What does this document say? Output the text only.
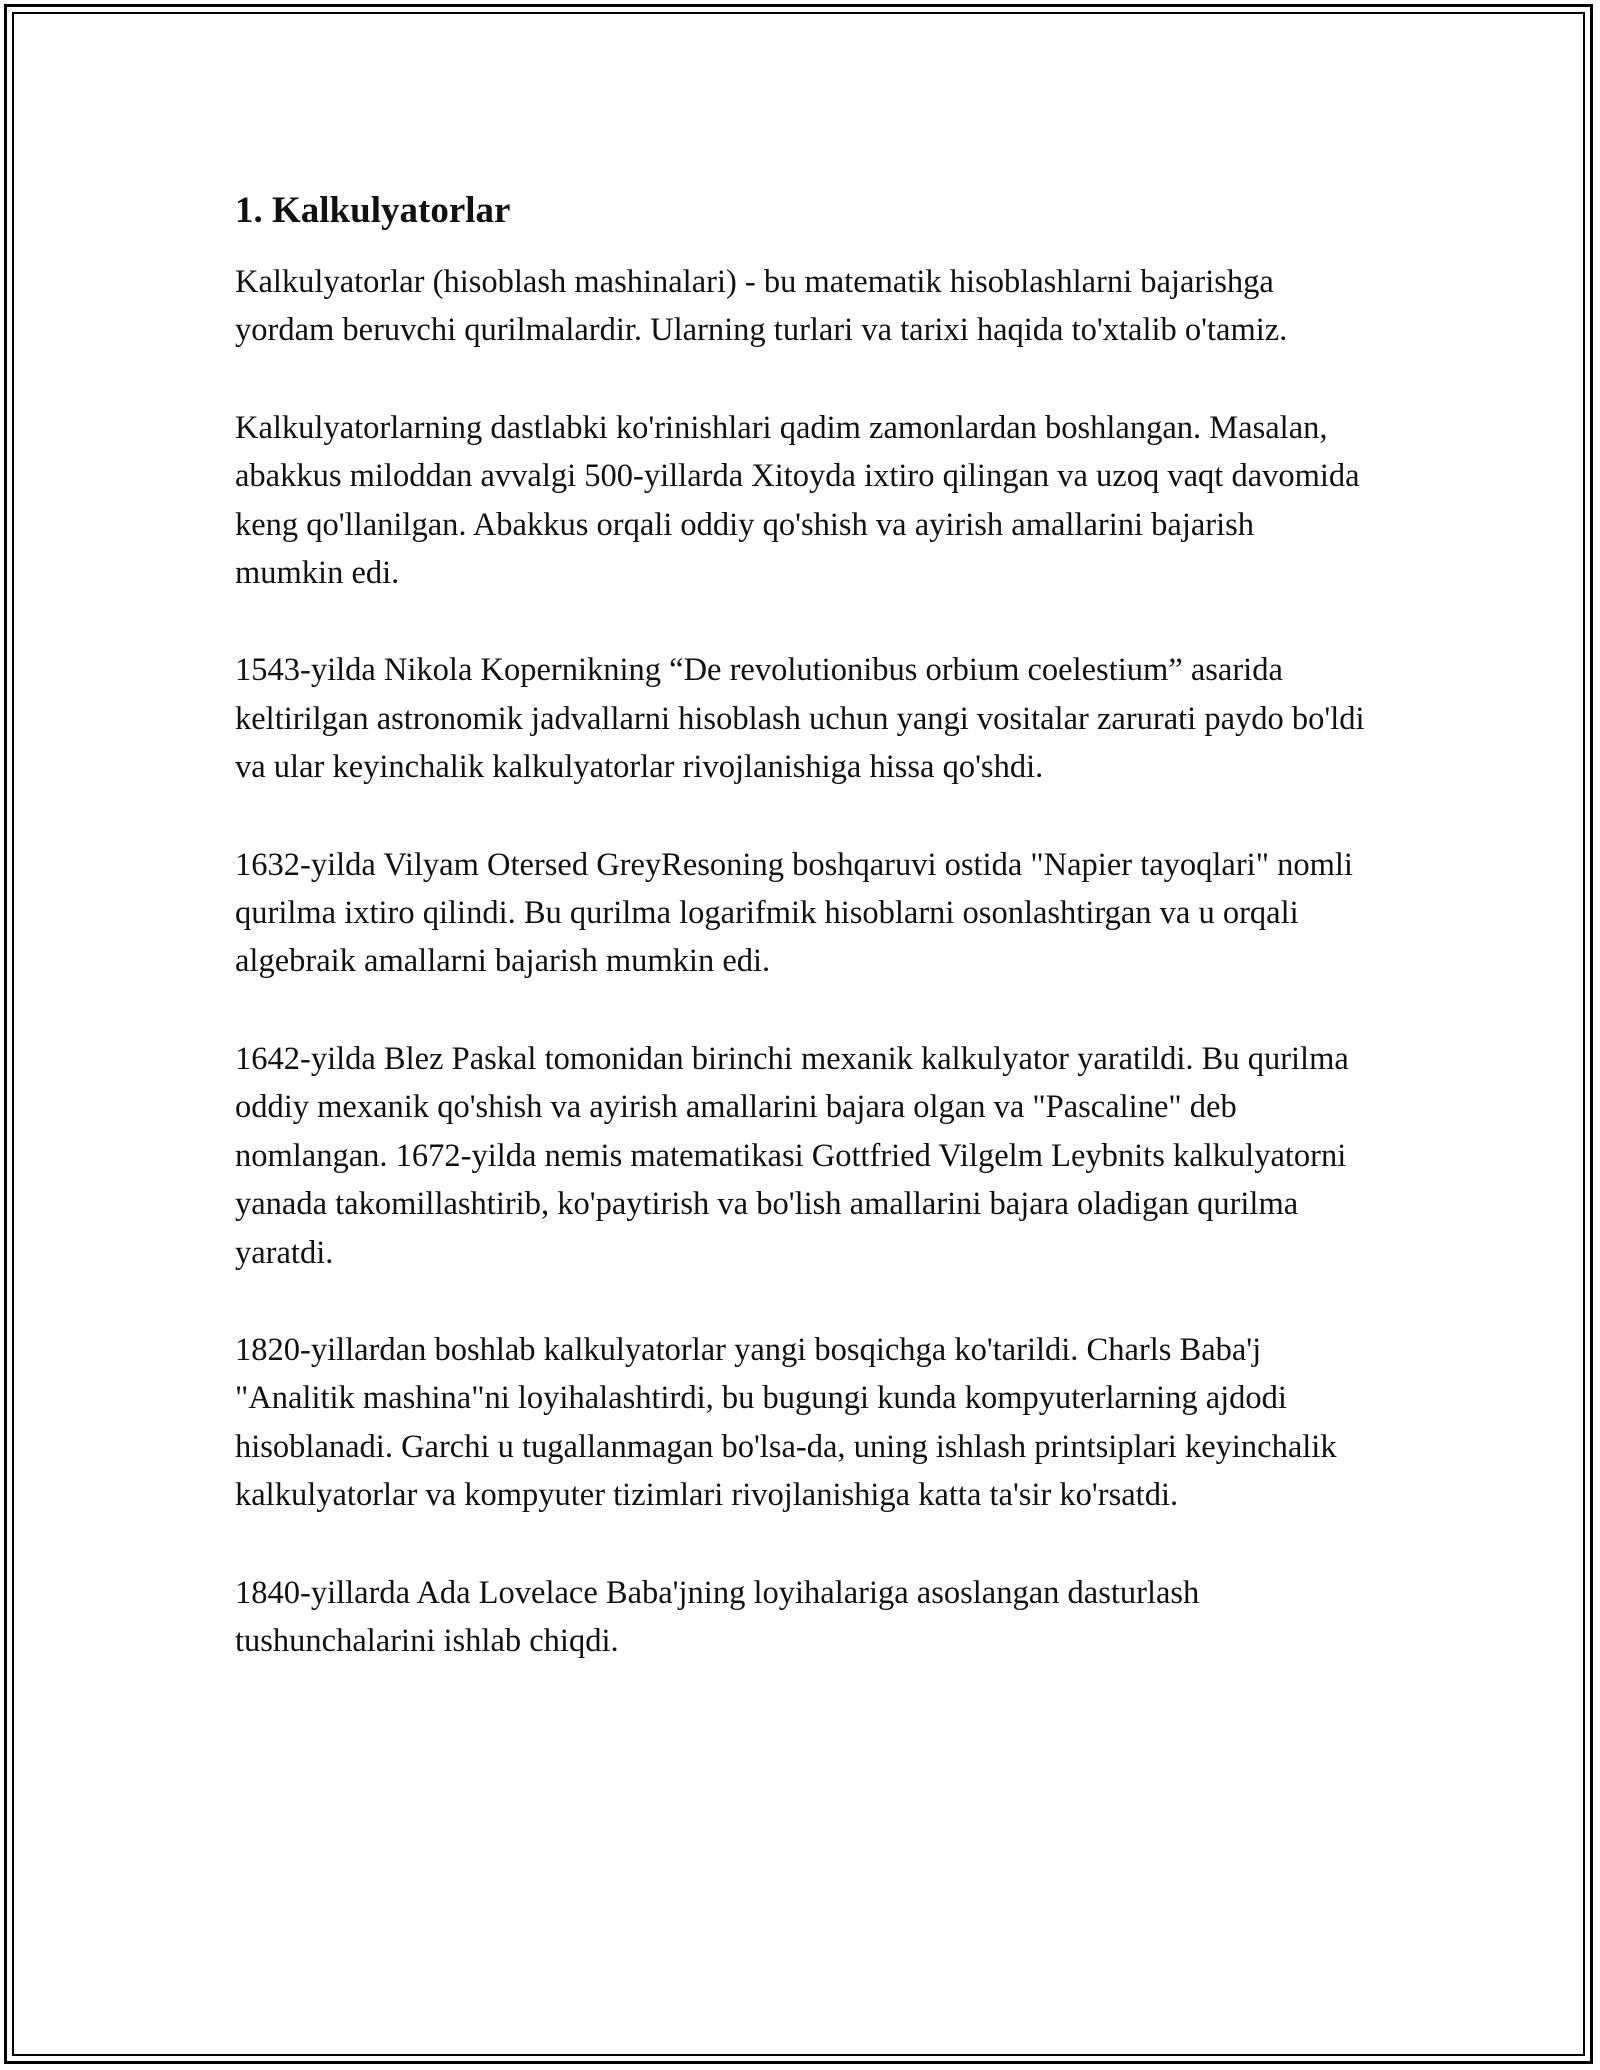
1. Kalkulyatorlar

Kalkulyatorlar (hisoblash mashinalari) - bu matematik hisoblashlarni bajarishga yordam beruvchi qurilmalardir. Ularning turlari va tarixi haqida to'xtalib o'tamiz.

Kalkulyatorlarning dastlabki ko'rinishlari qadim zamonlardan boshlangan. Masalan, abakkus miloddan avvalgi 500-yillarda Xitoyda ixtiro qilingan va uzoq vaqt davomida keng qo'llanilgan. Abakkus orqali oddiy qo'shish va ayirish amallarini bajarish mumkin edi.

1543-yilda Nikola Kopernikning “De revolutionibus orbium coelestium” asarida keltirilgan astronomik jadvallarni hisoblash uchun yangi vositalar zarurati paydo bo'ldi va ular keyinchalik kalkulyatorlar rivojlanishiga hissa qo'shdi.

1632-yilda Vilyam Otersed GreyResoning boshqaruvi ostida "Napier tayoqlari" nomli qurilma ixtiro qilindi. Bu qurilma logarifmik hisoblarni osonlashtirgan va u orqali algebraik amallarni bajarish mumkin edi.

1642-yilda Blez Paskal tomonidan birinchi mexanik kalkulyator yaratildi. Bu qurilma oddiy mexanik qo'shish va ayirish amallarini bajara olgan va "Pascaline" deb nomlangan. 1672-yilda nemis matematikasi Gottfried Vilgelm Leybnits kalkulyatorni yanada takomillashtirib, ko'paytirish va bo'lish amallarini bajara oladigan qurilma yaratdi.

1820-yillardan boshlab kalkulyatorlar yangi bosqichga ko'tarildi. Charls Baba'j "Analitik mashina"ni loyihalashtirdi, bu bugungi kunda kompyuterlarning ajdodi hisoblanadi. Garchi u tugallanmagan bo'lsa-da, uning ishlash printsiplari keyinchalik kalkulyatorlar va kompyuter tizimlari rivojlanishiga katta ta'sir ko'rsatdi.

1840-yillarda Ada Lovelace Baba'jning loyihalariga asoslangan dasturlash tushunchalarini ishlab chiqdi.
